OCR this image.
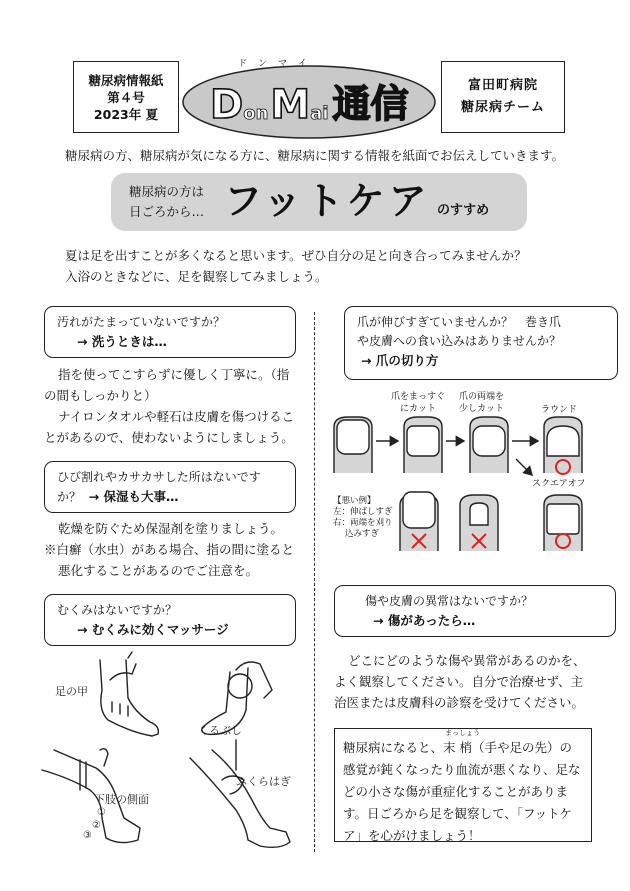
糖尿病情報紙
第４号
2023年 夏
ドンマイ
D on M ai 通信	富田町病院
糖尿病チーム
糖尿病の方、糖尿病が気になる方に、糖尿病に関する情報を紙面でお伝えしていきます。
糖尿病の方は
日ごろから… フットケア のすすめ
夏は足を出すことが多くなると思います。ぜひ自分の足と向き合ってみませんか？
入浴のときなどに、足を観察してみましょう。
汚れがたまっていないですか？
→ 洗うときは…
指を使ってこすらずに優しく丁寧に。（指
の間もしっかりと）
ナイロンタオルや軽石は皮膚を傷つけるこ
とがあるので、使わないようにしましょう。
ひび割れやカサカサした所はないです
か？ → 保湿も大事…
乾燥を防ぐため保湿剤を塗りましょう。
※白癬（水虫）がある場合、指の間に塗ると
悪化することがあるのでご注意を。
むくみはないですか？
→ むくみに効くマッサージ
足の甲
くるぶし
下肢の側面
ふくらはぎ
①
②
③
爪が伸びすぎていませんか？　巻き爪
や皮膚への食い込みはありませんか？
→ 爪の切り方
爪をまっすぐ
にカット
爪の両端を
少しカット	ラウンド
スクエアオフ
【悪い例】
左：伸ばしすぎ
右：両端を刈り
込みすぎ
傷や皮膚の異常はないですか？
→ 傷があったら…
どこにどのような傷や異常があるのかを、
よく観察してください。自分で治療せず、主
治医または皮膚科の診察を受けてください。
糖尿病になると、
まっしょう
末 梢（手や足の先）の
感覚が鈍くなったり血流が悪くなり、足な
どの小さな傷が重症化することがありま
す。日ごろから足を観察して、「フットケ
ア」を心がけましょう！
